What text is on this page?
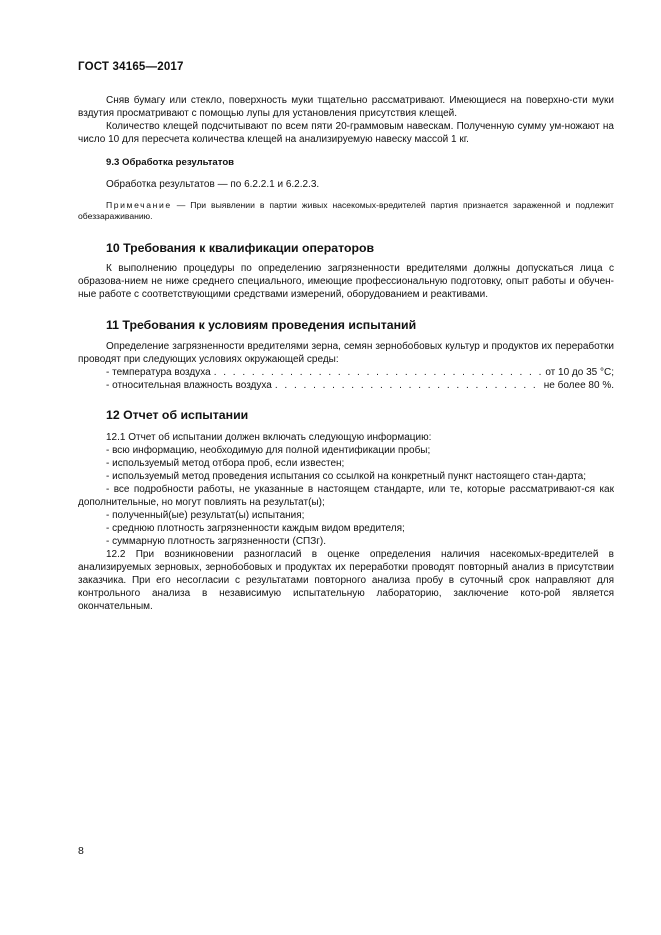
ГОСТ 34165—2017

Сняв бумагу или стекло, поверхность муки тщательно рассматривают. Имеющиеся на поверхно-сти муки вздутия просматривают с помощью лупы для установления присутствия клещей.

Количество клещей подсчитывают по всем пяти 20-граммовым навескам. Полученную сумму ум-ножают на число 10 для пересчета количества клещей на анализируемую навеску массой 1 кг.

9.3 Обработка результатов

Обработка результатов — по 6.2.2.1 и 6.2.2.3.

Примечание — При выявлении в партии живых насекомых-вредителей партия признается зараженной и подлежит обеззараживанию.

10 Требования к квалификации операторов

К выполнению процедуры по определению загрязненности вредителями должны допускаться лица с образова-нием не ниже среднего специального, имеющие профессиональную подготовку, опыт работы и обучен-ные работе с соответствующими средствами измерений, оборудованием и реактивами.

11 Требования к условиям проведения испытаний

Определение загрязненности вредителями зерна, семян зернобобовых культур и продуктов их переработки проводят при следующих условиях окружающей среды:

- температура воздуха . . .	от 10 до 35 °С;
- относительная влажность воздуха . . .	не более 80 %.
12 Отчет об испытании

12.1 Отчет об испытании должен включать следующую информацию:

- всю информацию, необходимую для полной идентификации пробы;

- используемый метод отбора проб, если известен;

- используемый метод проведения испытания со ссылкой на конкретный пункт настоящего стан-дарта;

- все подробности работы, не указанные в настоящем стандарте, или те, которые рассматривают-ся как дополнительные, но могут повлиять на результат(ы);

- полученный(ые) результат(ы) испытания;

- среднюю плотность загрязненности каждым видом вредителя;

- суммарную плотность загрязненности (СПЗг).

12.2 При возникновении разногласий в оценке определения наличия насекомых-вредителей в анализируемых зерновых, зернобобовых и продуктах их переработки проводят повторный анализ в присутствии заказчика. При его несогласии с результатами повторного анализа пробу в суточный срок направляют для контрольного анализа в независимую испытательную лабораторию, заключение кото-рой является окончательным.

8
